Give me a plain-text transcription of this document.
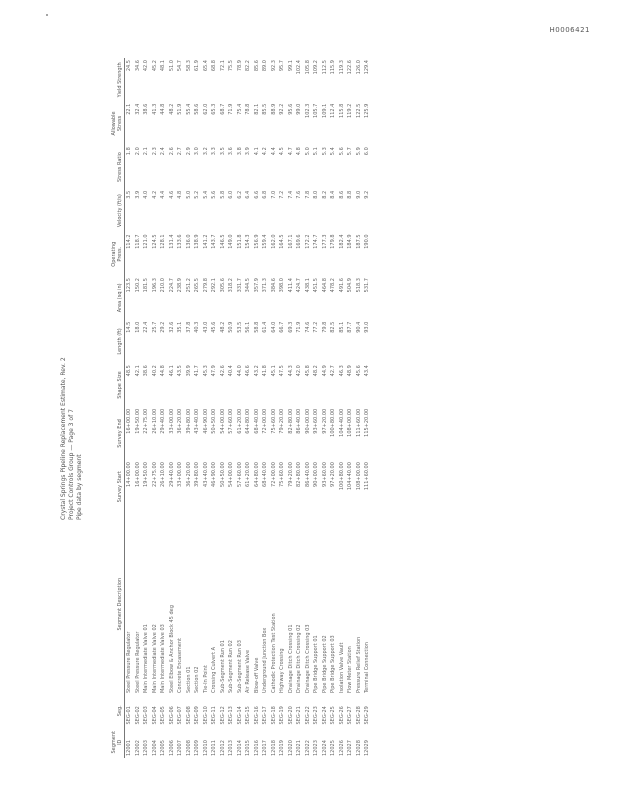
H0006421
Crystal Springs Pipeline Replacement Estimate, Rev. 2 Project Controls Group — Page 3 of 7 Pipe data by segment
Segment ID	Seg.	Segment Description	Survey Start	Survey End	Shape Size	Length (ft)	Area (sq in)	Operating Press.	Velocity (ft/s)	Stress Ratio	Allowable Stress	Yield Strength
12001	SEG-01	Steel Pressure Regulator	14+00.00	16+00.00	48.5	14.5	123.5	114.2	3.5	1.8	22.1	24.5
12002	SEG-02	Steel Pressure Regulator	16+00.00	19+50.00	42.1	18.0	150.2	118.7	3.9	2.0	32.4	34.6
12003	SEG-03	Main Intermediate Valve 01	19+50.00	22+75.00	38.6	22.4	181.5	121.0	4.0	2.1	38.6	42.0
12004	SEG-04	Main Intermediate Valve 02	22+75.00	26+10.00	40.2	25.7	196.3	124.5	4.2	2.3	41.3	45.2
12005	SEG-05	Main Intermediate Valve 03	26+10.00	29+40.00	44.8	29.2	210.0	128.1	4.4	2.4	44.8	48.1
12006	SEG-06	Steel Elbow & Anchor Block 45 deg	29+40.00	33+00.00	46.1	32.6	224.7	131.4	4.6	2.6	48.2	51.0
12007	SEG-07	Concrete Encasement	33+00.00	36+20.00	43.5	35.1	238.9	133.6	4.8	2.7	51.9	54.7
12008	SEG-08	Section 01	36+20.00	39+80.00	39.9	37.8	251.2	136.0	5.0	2.9	55.4	58.3
12009	SEG-09	Section 02	39+80.00	43+40.00	41.7	40.3	265.5	138.9	5.2	3.0	58.6	61.9
12010	SEG-10	Tie-In Point	43+40.00	46+90.00	45.3	43.0	279.8	141.2	5.4	3.2	62.0	65.4
12011	SEG-11	Crossing Culvert A	46+90.00	50+50.00	47.9	45.6	292.1	143.7	5.6	3.3	65.3	68.8
12012	SEG-12	Sub-Segment Run 01	50+50.00	54+00.00	42.6	48.2	305.6	146.5	5.8	3.5	68.7	72.1
12013	SEG-13	Sub-Segment Run 02	54+00.00	57+60.00	40.4	50.9	318.2	149.0	6.0	3.6	71.9	75.5
12014	SEG-14	Sub-Segment Run 03	57+60.00	61+20.00	44.0	53.5	331.7	151.8	6.2	3.8	75.4	78.9
12015	SEG-15	Air Release Valve	61+20.00	64+80.00	46.6	56.1	344.5	154.3	6.4	3.9	78.8	82.2
12016	SEG-16	Blow-off Valve	64+80.00	68+40.00	43.2	58.8	357.9	156.9	6.6	4.1	82.1	85.6
12017	SEG-17	Underground Junction Box	68+40.00	72+00.00	41.8	61.4	371.3	159.4	6.8	4.2	85.5	89.0
12018	SEG-18	Cathodic Protection Test Station	72+00.00	75+60.00	45.1	64.0	384.6	162.0	7.0	4.4	88.9	92.3
12019	SEG-19	Highway Crossing	75+60.00	79+20.00	47.5	66.7	398.0	164.5	7.2	4.5	92.2	95.7
12020	SEG-20	Drainage Ditch Crossing 01	79+20.00	82+80.00	44.3	69.3	411.4	167.1	7.4	4.7	95.6	99.1
12021	SEG-21	Drainage Ditch Crossing 02	82+80.00	86+40.00	42.0	71.9	424.7	169.6	7.6	4.8	99.0	102.4
12022	SEG-22	Drainage Ditch Crossing 03	86+40.00	90+00.00	45.8	74.6	438.1	172.2	7.8	5.0	102.3	105.8
12023	SEG-23	Pipe Bridge Support 01	90+00.00	93+60.00	48.2	77.2	451.5	174.7	8.0	5.1	105.7	109.2
12024	SEG-24	Pipe Bridge Support 02	93+60.00	97+20.00	44.9	79.8	464.8	177.3	8.2	5.3	109.1	112.5
12025	SEG-25	Pipe Bridge Support 03	97+20.00	100+80.00	42.7	82.5	478.2	179.8	8.4	5.4	112.4	115.9
12026	SEG-26	Isolation Valve Vault	100+80.00	104+40.00	46.3	85.1	491.6	182.4	8.6	5.6	115.8	119.3
12027	SEG-27	Flow Meter Station	104+40.00	108+00.00	48.9	87.7	504.9	184.9	8.8	5.7	119.2	122.6
12028	SEG-28	Pressure Relief Station	108+00.00	111+60.00	45.6	90.4	518.3	187.5	9.0	5.9	122.5	126.0
12029	SEG-29	Terminal Connection	111+60.00	115+20.00	43.4	93.0	531.7	190.0	9.2	6.0	125.9	129.4
